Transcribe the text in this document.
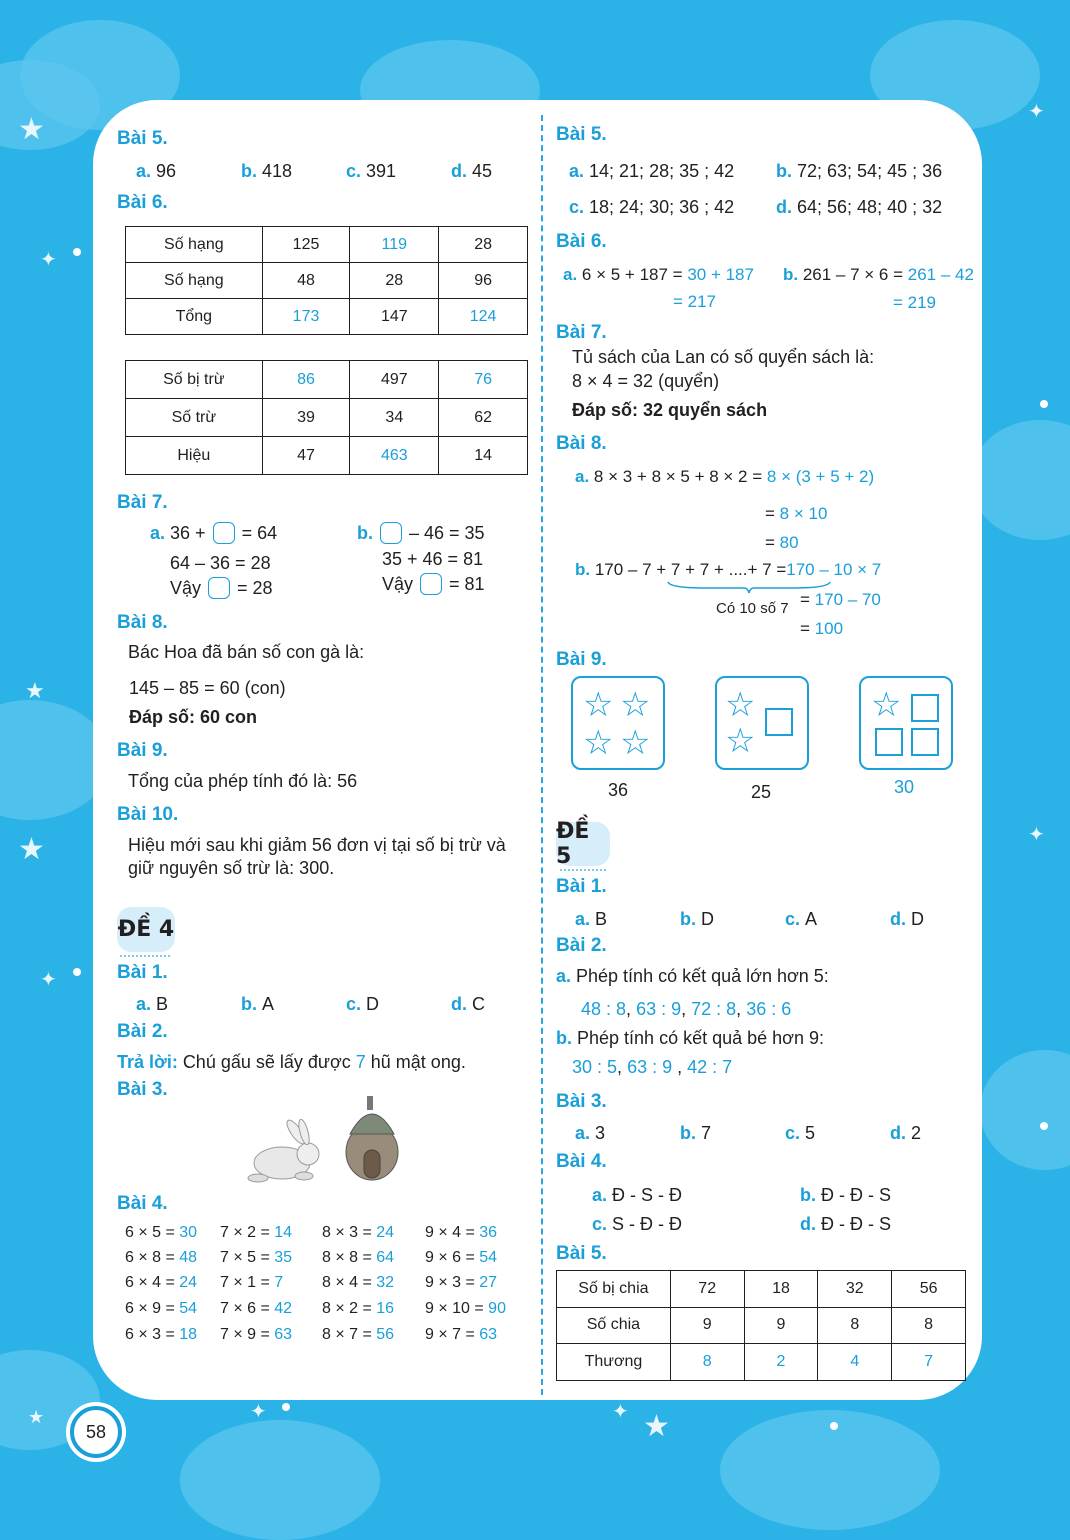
★
✦
★
★
✦
✦
✦
★	✦	✦ ★
Bài 5.
a. 96	b. 418	c. 391	d. 45
Bài 6.
Số hạng	125	119	28
Số hạng	48	28	96
Tổng	173	147	124
Số bị trừ	86	497	76
Số trừ	39	34	62
Hiệu	47	463	14
Bài 7.
a. 36 +  = 64
64 – 36 = 28
Vậy  = 28
b.  – 46 = 35
35 + 46 = 81
Vậy  = 81
Bài 8.
Bác Hoa đã bán số con gà là:
145 – 85 = 60 (con)
Đáp số: 60 con
Bài 9.
Tổng của phép tính đó là: 56
Bài 10.
Hiệu mới sau khi giảm 56 đơn vị tại số bị trừ và
giữ nguyên số trừ là: 300.
ĐỀ 4
Bài 1.
a. B	b. A	c. D	d. C
Bài 2.
Trả lời: Chú gấu sẽ lấy được 7 hũ mật ong.
Bài 3.
Bài 4.
6 × 5 = 30 7 × 2 = 14 8 × 3 = 24 9 × 4 = 36
6 × 8 = 48 7 × 5 = 35 8 × 8 = 64 9 × 6 = 54
6 × 4 = 24 7 × 1 = 7 8 × 4 = 32 9 × 3 = 27
6 × 9 = 54 7 × 6 = 42 8 × 2 = 16 9 × 10 = 90
6 × 3 = 18 7 × 9 = 63 8 × 7 = 56 9 × 7 = 63
Bài 5.
a. 14; 21; 28; 35 ; 42 b. 72; 63; 54; 45 ; 36
c. 18; 24; 30; 36 ; 42 d. 64; 56; 48; 40 ; 32
Bài 6.
a. 6 × 5 + 187 = 30 + 187
= 217
b. 261 – 7 × 6 = 261 – 42
= 219
Bài 7.
Tủ sách của Lan có số quyển sách là:
8 × 4 = 32 (quyển)
Đáp số: 32 quyển sách
Bài 8.
a. 8 × 3 + 8 × 5 + 8 × 2 = 8 × (3 + 5 + 2)
= 8 × 10
= 80
b. 170 – 7 + 7 + 7 + ....+ 7 =170 – 10 × 7
Có 10 số 7 = 170 – 70
= 100
Bài 9.
☆ ☆
☆ ☆
☆
☆
☆
36	25	30
ĐỀ 5
Bài 1.
a. B	b. D	c. A	d. D
Bài 2.
a. Phép tính có kết quả lớn hơn 5:
48 : 8, 63 : 9, 72 : 8, 36 : 6
b. Phép tính có kết quả bé hơn 9:
30 : 5, 63 : 9 , 42 : 7
Bài 3.
a. 3	b. 7	c. 5	d. 2
Bài 4.
a. Đ - S - Đ	b. Đ - Đ - S
c. S - Đ - Đ	d. Đ - Đ - S
Bài 5.
Số bị chia	72	18	32	56
Số chia	9	9	8	8
Thương	8	2	4	7
58
